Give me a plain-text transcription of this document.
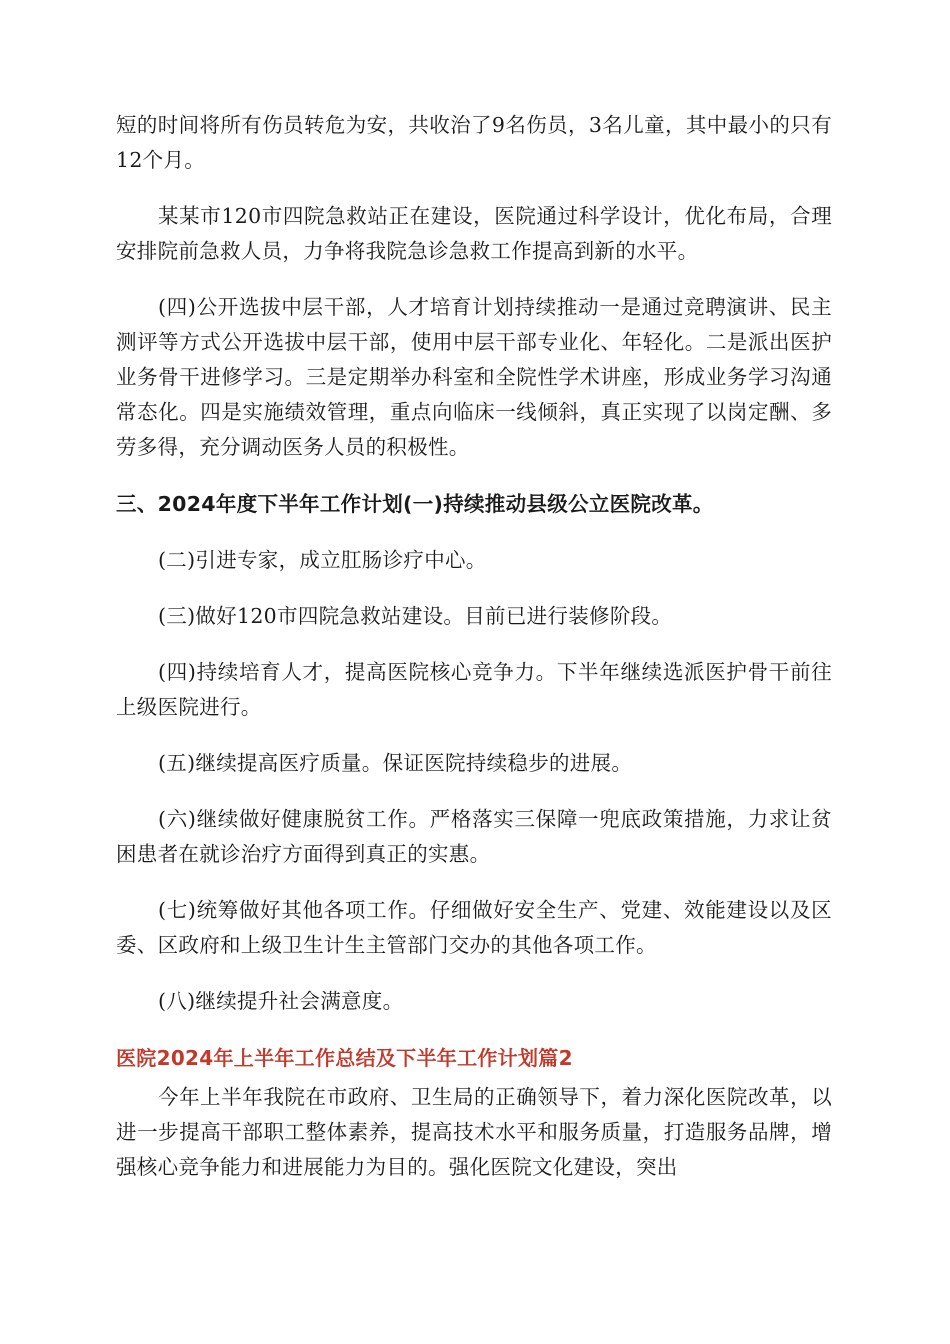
短的时间将所有伤员转危为安，共收治了9名伤员，3名儿童，其中最小的只有12个月。

某某市120市四院急救站正在建设，医院通过科学设计，优化布局，合理安排院前急救人员，力争将我院急诊急救工作提高到新的水平。

(四)公开选拔中层干部，人才培育计划持续推动一是通过竞聘演讲、民主测评等方式公开选拔中层干部，使用中层干部专业化、年轻化。二是派出医护业务骨干进修学习。三是定期举办科室和全院性学术讲座，形成业务学习沟通常态化。四是实施绩效管理，重点向临床一线倾斜，真正实现了以岗定酬、多劳多得，充分调动医务人员的积极性。

三、2024年度下半年工作计划(一)持续推动县级公立医院改革。

(二)引进专家，成立肛肠诊疗中心。

(三)做好120市四院急救站建设。目前已进行装修阶段。

(四)持续培育人才，提高医院核心竞争力。下半年继续选派医护骨干前往上级医院进行。

(五)继续提高医疗质量。保证医院持续稳步的进展。

(六)继续做好健康脱贫工作。严格落实三保障一兜底政策措施，力求让贫困患者在就诊治疗方面得到真正的实惠。

(七)统筹做好其他各项工作。仔细做好安全生产、党建、效能建设以及区委、区政府和上级卫生计生主管部门交办的其他各项工作。

(八)继续提升社会满意度。

医院2024年上半年工作总结及下半年工作计划篇2

今年上半年我院在市政府、卫生局的正确领导下，着力深化医院改革，以进一步提高干部职工整体素养，提高技术水平和服务质量，打造服务品牌，增强核心竞争能力和进展能力为目的。强化医院文化建设，突出
